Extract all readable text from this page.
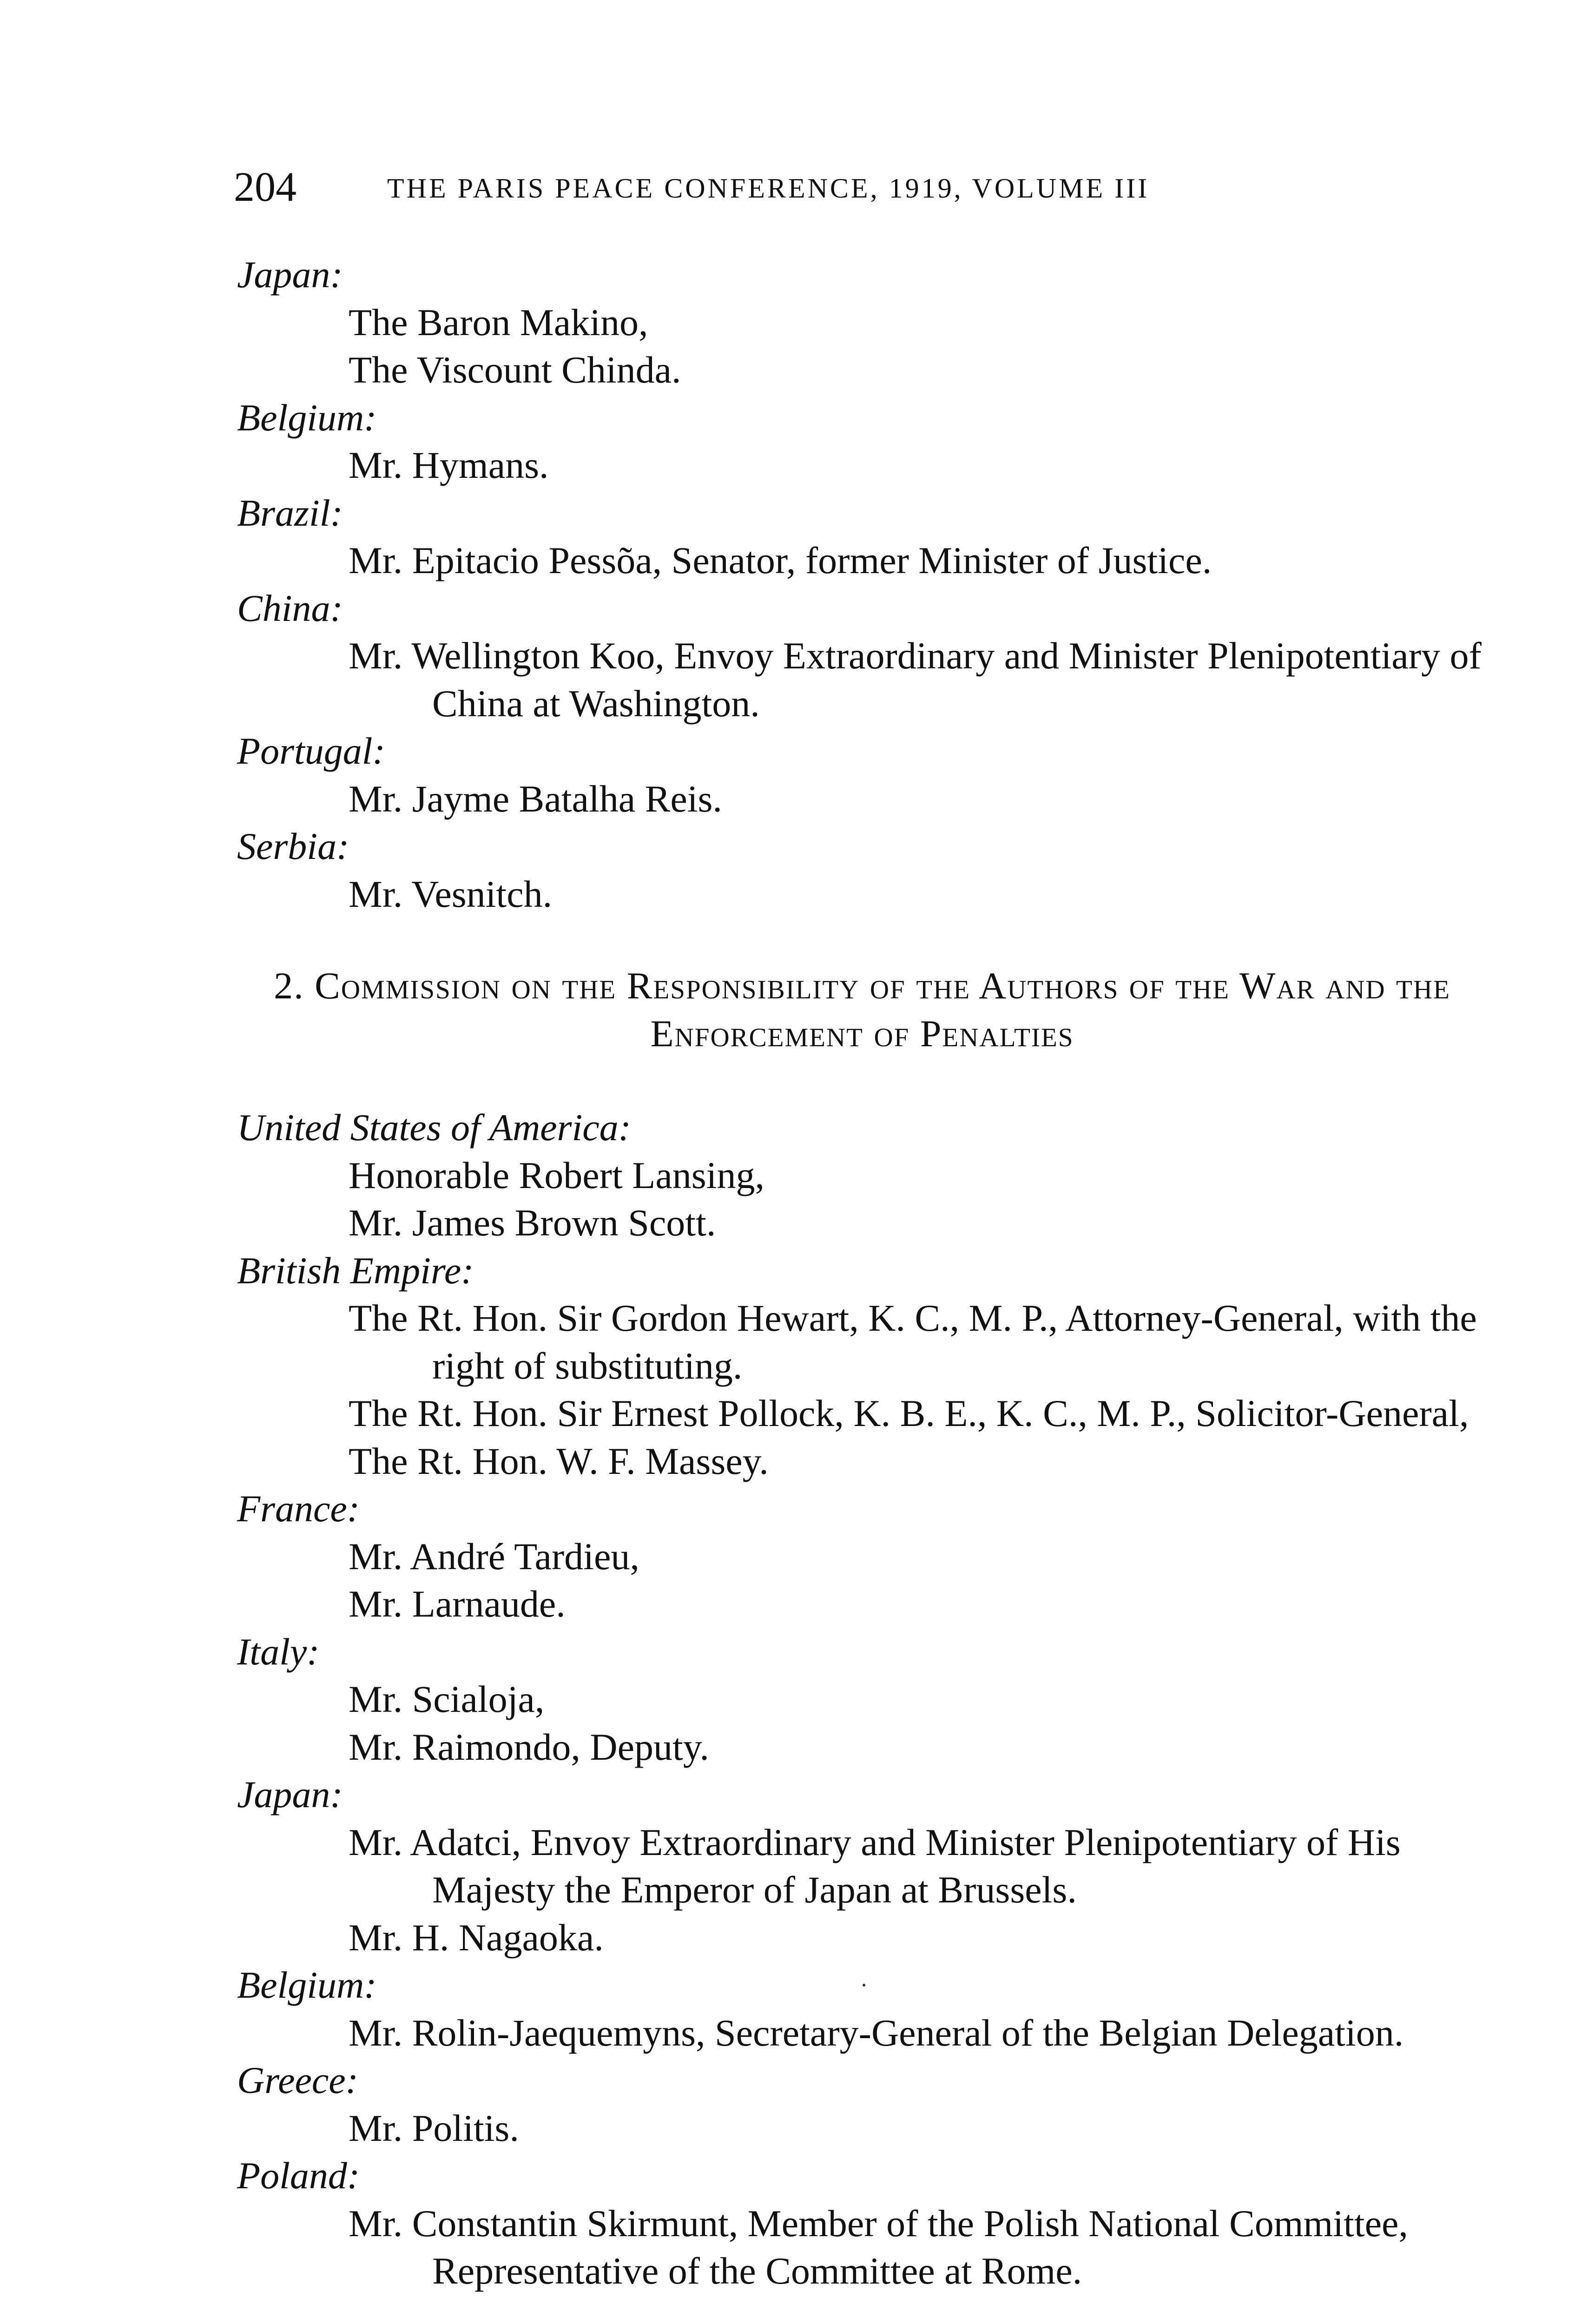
204	THE PARIS PEACE CONFERENCE, 1919, VOLUME III
Japan:
The Baron Makino,
The Viscount Chinda.
Belgium:
Mr. Hymans.
Brazil:
Mr. Epitacio Pessõa, Senator, former Minister of Justice.
China:
Mr. Wellington Koo, Envoy Extraordinary and Minister Plenipotentiary of China at Washington.
Portugal:
Mr. Jayme Batalha Reis.
Serbia:
Mr. Vesnitch.
2. Commission on the Responsibility of the Authors of the War and the Enforcement of Penalties
United States of America:
Honorable Robert Lansing,
Mr. James Brown Scott.
British Empire:
The Rt. Hon. Sir Gordon Hewart, K. C., M. P., Attorney-General, with the right of substituting.
The Rt. Hon. Sir Ernest Pollock, K. B. E., K. C., M. P., Solicitor-General,
The Rt. Hon. W. F. Massey.
France:
Mr. André Tardieu,
Mr. Larnaude.
Italy:
Mr. Scialoja,
Mr. Raimondo, Deputy.
Japan:
Mr. Adatci, Envoy Extraordinary and Minister Plenipotentiary of His Majesty the Emperor of Japan at Brussels.
Mr. H. Nagaoka.
Belgium:
Mr. Rolin-Jaequemyns, Secretary-General of the Belgian Delegation.
Greece:
Mr. Politis.
Poland:
Mr. Constantin Skirmunt, Member of the Polish National Committee, Representative of the Committee at Rome.
